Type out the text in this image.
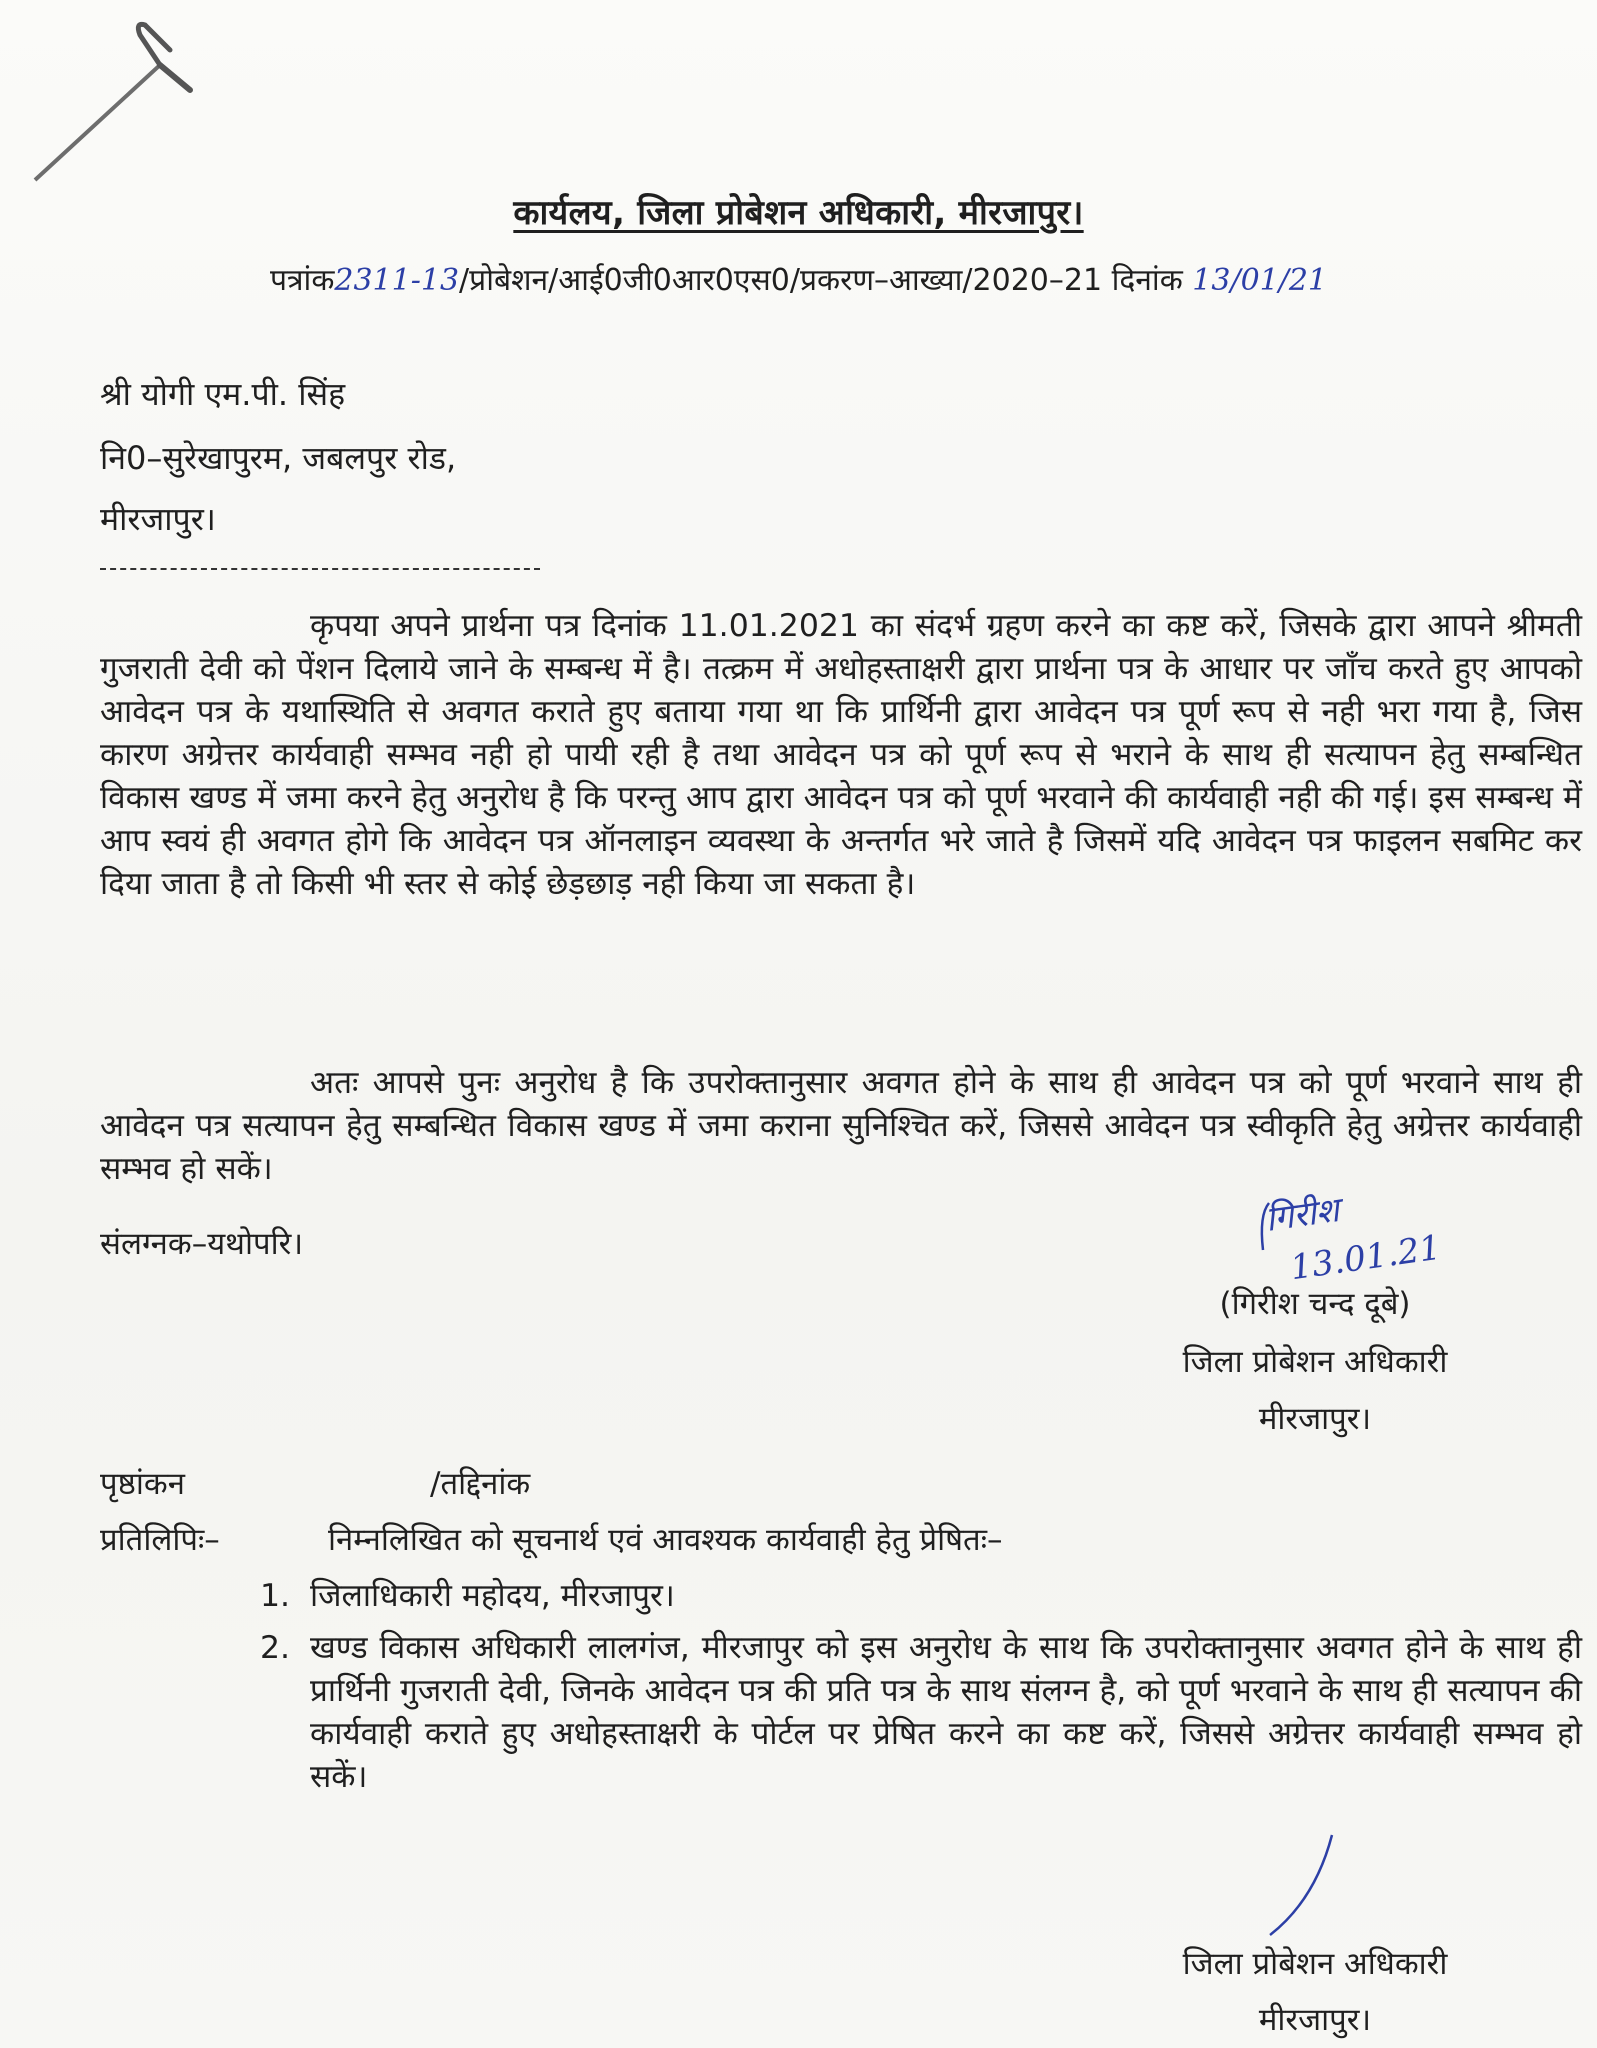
कार्यलय, जिला प्रोबेशन अधिकारी, मीरजापुर।
पत्रांक2311-13/प्रोबेशन/आई0जी0आर0एस0/प्रकरण–आख्या/2020–21 दिनांक 13/01/21
श्री योगी एम.पी. सिंह
नि0–सुरेखापुरम, जबलपुर रोड,
मीरजापुर।
कृपया अपने प्रार्थना पत्र दिनांक 11.01.2021 का संदर्भ ग्रहण करने का कष्ट करें, जिसके द्वारा आपने श्रीमती गुजराती देवी को पेंशन दिलाये जाने के सम्बन्ध में है। तत्क्रम में अधोहस्ताक्षरी द्वारा प्रार्थना पत्र के आधार पर जाँच करते हुए आपको आवेदन पत्र के यथास्थिति से अवगत कराते हुए बताया गया था कि प्रार्थिनी द्वारा आवेदन पत्र पूर्ण रूप से नही भरा गया है, जिस कारण अग्रेत्तर कार्यवाही सम्भव नही हो पायी रही है तथा आवेदन पत्र को पूर्ण रूप से भराने के साथ ही सत्यापन हेतु सम्बन्धित विकास खण्ड में जमा करने हेतु अनुरोध है कि परन्तु आप द्वारा आवेदन पत्र को पूर्ण भरवाने की कार्यवाही नही की गई। इस सम्बन्ध में आप स्वयं ही अवगत होगे कि आवेदन पत्र ऑनलाइन व्यवस्था के अन्तर्गत भरे जाते है जिसमें यदि आवेदन पत्र फाइलन सबमिट कर दिया जाता है तो किसी भी स्तर से कोई छेड़छाड़ नही किया जा सकता है।
अतः आपसे पुनः अनुरोध है कि उपरोक्तानुसार अवगत होने के साथ ही आवेदन पत्र को पूर्ण भरवाने साथ ही आवेदन पत्र सत्यापन हेतु सम्बन्धित विकास खण्ड में जमा कराना सुनिश्चित करें, जिससे आवेदन पत्र स्वीकृति हेतु अग्रेत्तर कार्यवाही सम्भव हो सकें।
संलग्नक–यथोपरि।
गिरीश
13.01.21
(गिरीश चन्द दूबे)
जिला प्रोबेशन अधिकारी
मीरजापुर।
पृष्ठांकन	/तद्दिनांक
प्रतिलिपिः–	निम्नलिखित को सूचनार्थ एवं आवश्यक कार्यवाही हेतु प्रेषितः–
1. जिलाधिकारी महोदय, मीरजापुर।
2. खण्ड विकास अधिकारी लालगंज, मीरजापुर को इस अनुरोध के साथ कि उपरोक्तानुसार अवगत होने के साथ ही प्रार्थिनी गुजराती देवी, जिनके आवेदन पत्र की प्रति पत्र के साथ संलग्न है, को पूर्ण भरवाने के साथ ही सत्यापन की कार्यवाही कराते हुए अधोहस्ताक्षरी के पोर्टल पर प्रेषित करने का कष्ट करें, जिससे अग्रेत्तर कार्यवाही सम्भव हो सकें।
जिला प्रोबेशन अधिकारी
मीरजापुर।
